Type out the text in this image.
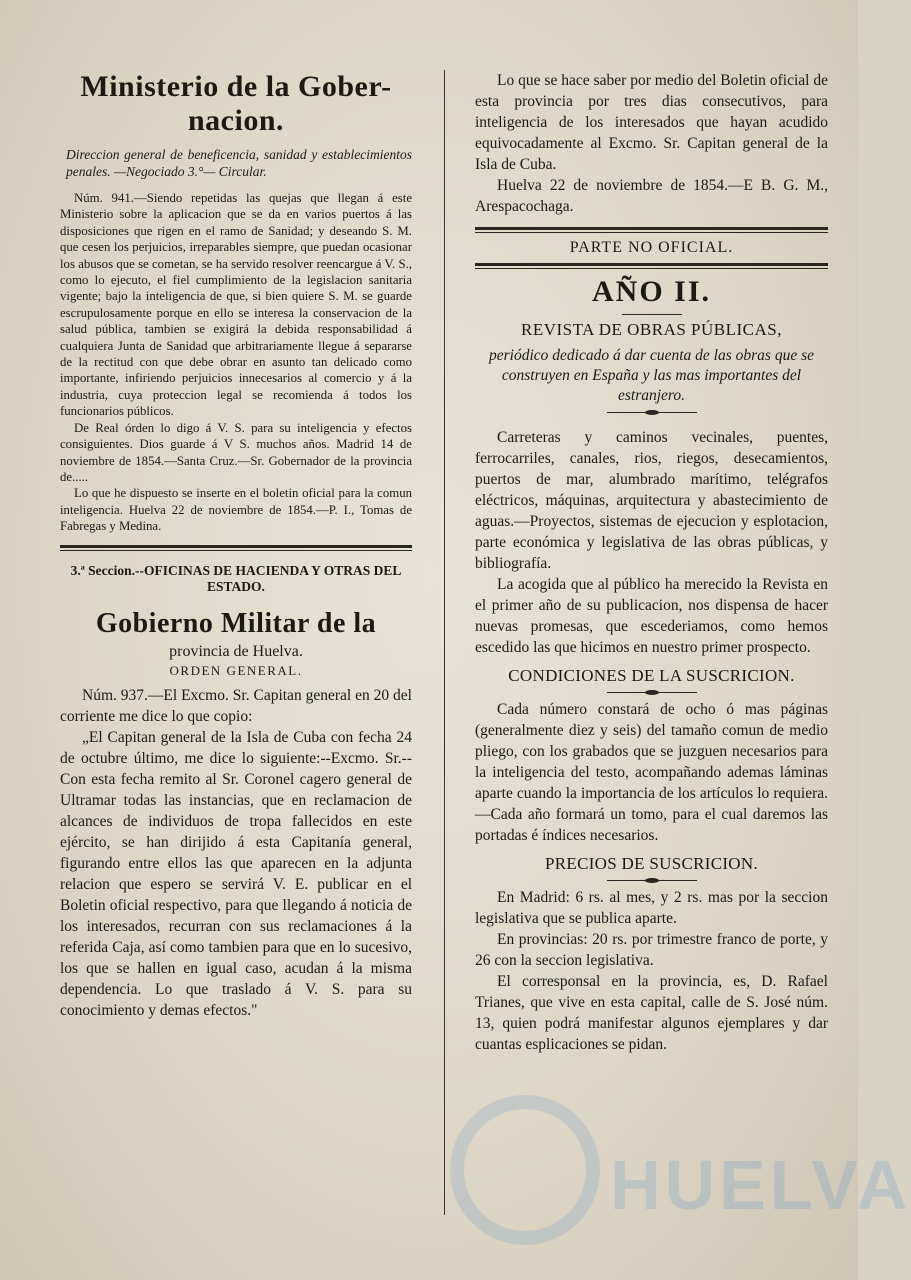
Ministerio de la Gober-nacion.
Direccion general de beneficencia, sanidad y establecimientos penales. —Negociado 3.°— Circular.

Núm. 941.—Siendo repetidas las quejas que llegan á este Ministerio sobre la aplicacion que se da en varios puertos á las disposiciones que rigen en el ramo de Sanidad; y deseando S. M. que cesen los perjuicios, irreparables siempre, que puedan ocasionar los abusos que se cometan, se ha servido resolver reencargue á V. S., como lo ejecuto, el fiel cumplimiento de la legislacion sanitaria vigente; bajo la inteligencia de que, si bien quiere S. M. se guarde escrupulosamente porque en ello se interesa la conservacion de la salud pública, tambien se exigirá la debida responsabilidad á cualquiera Junta de Sanidad que arbitrariamente llegue á separarse de la rectitud con que debe obrar en asunto tan delicado como importante, infiriendo perjuicios innecesarios al comercio y á la industria, cuya proteccion legal se recomienda á todos los funcionarios públicos.

De Real órden lo digo á V. S. para su inteligencia y efectos consiguientes. Dios guarde á V S. muchos años. Madrid 14 de noviembre de 1854.—Santa Cruz.—Sr. Gobernador de la provincia de.....

Lo que he dispuesto se inserte en el boletin oficial para la comun inteligencia. Huelva 22 de noviembre de 1854.—P. I., Tomas de Fabregas y Medina.

3.ª Seccion.--OFICINAS DE HACIENDA Y OTRAS DEL ESTADO.
Gobierno Militar de la
provincia de Huelva.
ORDEN GENERAL.

Núm. 937.—El Excmo. Sr. Capitan general en 20 del corriente me dice lo que copio:

„El Capitan general de la Isla de Cuba con fecha 24 de octubre último, me dice lo siguiente:--Excmo. Sr.--Con esta fecha remito al Sr. Coronel cagero general de Ultramar todas las instancias, que en reclamacion de alcances de individuos de tropa fallecidos en este ejército, se han dirijido á esta Capitanía general, figurando entre ellos las que aparecen en la adjunta relacion que espero se servirá V. E. publicar en el Boletin oficial respectivo, para que llegando á noticia de los interesados, recurran con sus reclamaciones á la referida Caja, así como tambien para que en lo sucesivo, los que se hallen en igual caso, acudan á la misma dependencia. Lo que traslado á V. S. para su conocimiento y demas efectos."

Lo que se hace saber por medio del Boletin oficial de esta provincia por tres dias consecutivos, para inteligencia de los interesados que hayan acudido equivocadamente al Excmo. Sr. Capitan general de la Isla de Cuba.

Huelva 22 de noviembre de 1854.—E B. G. M., Arespacochaga.

PARTE NO OFICIAL.
AÑO II.
REVISTA DE OBRAS PÚBLICAS,
periódico dedicado á dar cuenta de las obras que se construyen en España y las mas importantes del estranjero.

Carreteras y caminos vecinales, puentes, ferrocarriles, canales, rios, riegos, desecamientos, puertos de mar, alumbrado marítimo, telégrafos eléctricos, máquinas, arquitectura y abastecimiento de aguas.—Proyectos, sistemas de ejecucion y esplotacion, parte económica y legislativa de las obras públicas, y bibliografía.

La acogida que al público ha merecido la Revista en el primer año de su publicacion, nos dispensa de hacer nuevas promesas, que escederiamos, como hemos escedido las que hicimos en nuestro primer prospecto.

CONDICIONES DE LA SUSCRICION.

Cada número constará de ocho ó mas páginas (generalmente diez y seis) del tamaño comun de medio pliego, con los grabados que se juzguen necesarios para la inteligencia del testo, acompañando ademas láminas aparte cuando la importancia de los artículos lo requiera.—Cada año formará un tomo, para el cual daremos las portadas é índices necesarios.

PRECIOS DE SUSCRICION.

En Madrid: 6 rs. al mes, y 2 rs. mas por la seccion legislativa que se publica aparte.

En provincias: 20 rs. por trimestre franco de porte, y 26 con la seccion legislativa.

El corresponsal en la provincia, es, D. Rafael Trianes, que vive en esta capital, calle de S. José núm. 13, quien podrá manifestar algunos ejemplares y dar cuantas esplicaciones se pidan.

HUELVA
